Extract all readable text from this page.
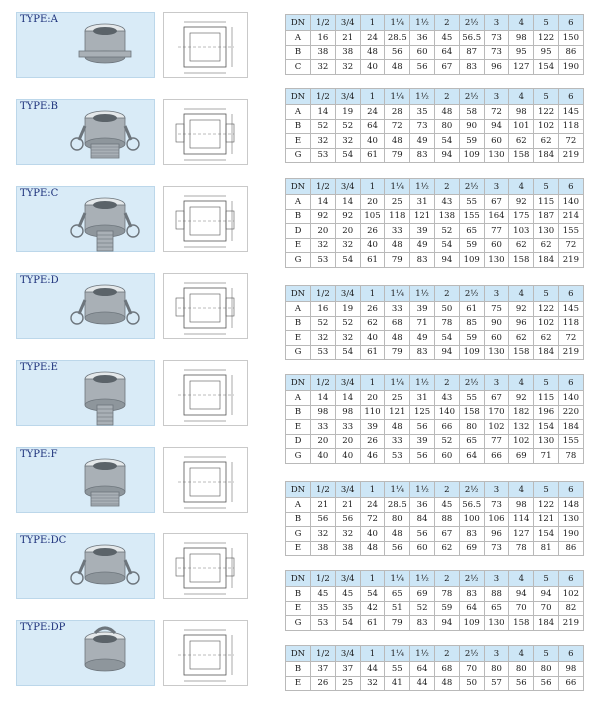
TYPE:A	DN	1/2	3/4	1	1¼	1½	2	2½	3	4	5	6
A	16	21	24	28.5	36	45	56.5	73	98	122	150
B	38	38	48	56	60	64	87	73	95	95	86
C	32	32	40	48	56	67	83	96	127	154	190
TYPE:B
DN	1/2	3/4	1	1¼	1½	2	2½	3	4	5	6
A	14	19	24	28	35	48	58	72	98	122	145
B	52	52	64	72	73	80	90	94	101	102	118
E	32	32	40	48	49	54	59	60	62	62	72
G	53	54	61	79	83	94	109	130	158	184	219
TYPE:C
DN	1/2	3/4	1	1¼	1½	2	2½	3	4	5	6
A	14	14	20	25	31	43	55	67	92	115	140
B	92	92	105	118	121	138	155	164	175	187	214
D	20	20	26	33	39	52	65	77	103	130	155
E	32	32	40	48	49	54	59	60	62	62	72
G	53	54	61	79	83	94	109	130	158	184	219
TYPE:D
DN	1/2	3/4	1	1¼	1½	2	2½	3	4	5	6
A	16	19	26	33	39	50	61	75	92	122	145
B	52	52	62	68	71	78	85	90	96	102	118
E	32	32	40	48	49	54	59	60	62	62	72
G	53	54	61	79	83	94	109	130	158	184	219
TYPE:E
DN	1/2	3/4	1	1¼	1½	2	2½	3	4	5	6
A	14	14	20	25	31	43	55	67	92	115	140
B	98	98	110	121	125	140	158	170	182	196	220
E	33	33	39	48	56	66	80	102	132	154	184
D	20	20	26	33	39	52	65	77	102	130	155
G	40	40	46	53	56	60	64	66	69	71	78
TYPE:F
DN	1/2	3/4	1	1¼	1½	2	2½	3	4	5	6
A	21	21	24	28.5	36	45	56.5	73	98	122	148
B	56	56	72	80	84	88	100	106	114	121	130
G	32	32	40	48	56	67	83	96	127	154	190
E	38	38	48	56	60	62	69	73	78	81	86
TYPE:DC
DN	1/2	3/4	1	1¼	1½	2	2½	3	4	5	6
B	45	45	54	65	69	78	83	88	94	94	102
E	35	35	42	51	52	59	64	65	70	70	82
G	53	54	61	79	83	94	109	130	158	184	219
TYPE:DP
DN	1/2	3/4	1	1¼	1½	2	2½	3	4	5	6
B	37	37	44	55	64	68	70	80	80	80	98
E	26	25	32	41	44	48	50	57	56	56	66
